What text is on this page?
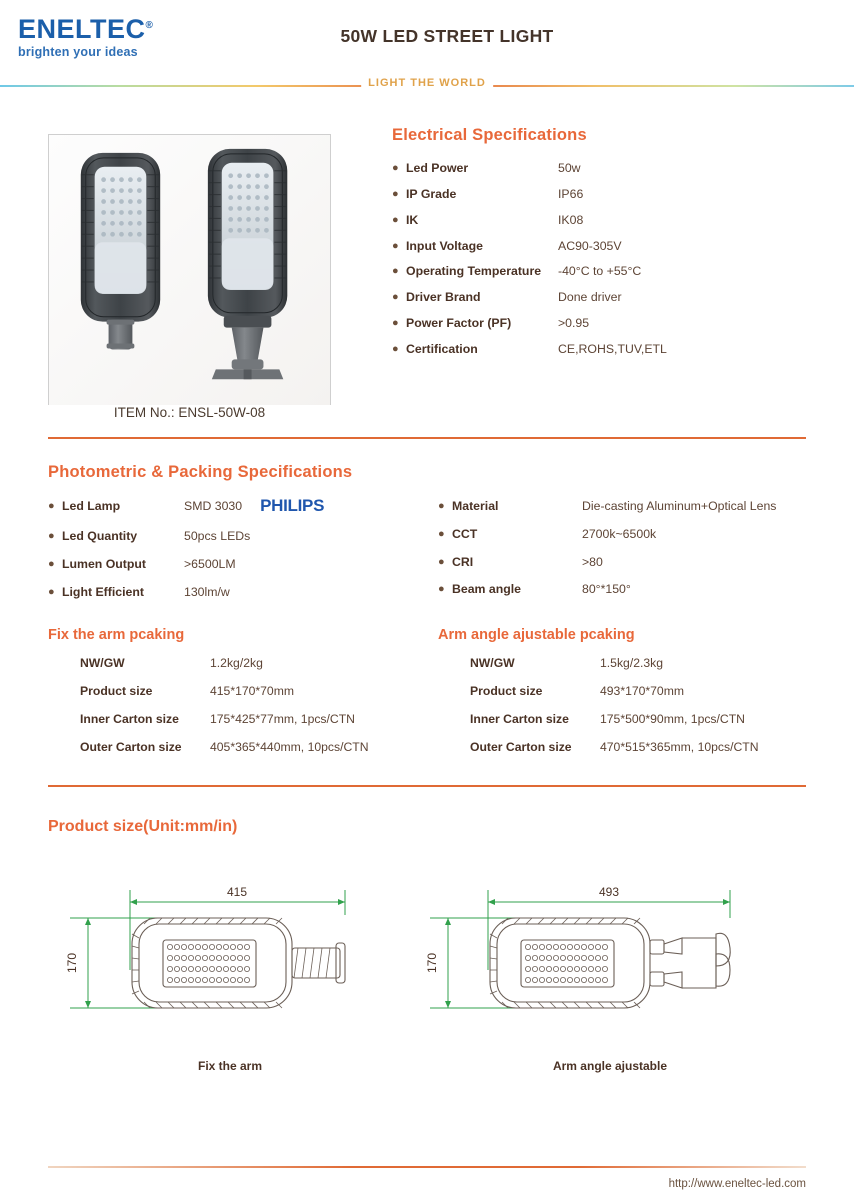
ENELTEC®
brighten your ideas
50W LED STREET LIGHT
LIGHT THE WORLD
ITEM No.: ENSL-50W-08
Electrical Specifications
● Led Power	50w
● IP Grade	IP66
● IK	IK08
● Input Voltage	AC90-305V
● Operating Temperature	-40°C to +55°C
● Driver Brand	Done driver
● Power Factor (PF)	>0.95
● Certification	CE,ROHS,TUV,ETL
Photometric & Packing Specifications
● Led Lamp	SMD 3030 PHILIPS
● Led Quantity	50pcs LEDs
● Lumen Output	>6500LM
● Light Efficient	130lm/w
● Material	Die-casting Aluminum+Optical Lens
● CCT	2700k~6500k
● CRI	>80
● Beam angle	80°*150°
Fix the arm pcaking
NW/GW	1.2kg/2kg
Product size	415*170*70mm
Inner Carton size	175*425*77mm, 1pcs/CTN
Outer Carton size	405*365*440mm, 10pcs/CTN
Arm angle ajustable pcaking
NW/GW	1.5kg/2.3kg
Product size	493*170*70mm
Inner Carton size	175*500*90mm, 1pcs/CTN
Outer Carton size	470*515*365mm, 10pcs/CTN
Product size(Unit:mm/in)
415
170
Fix the arm
493
170
Arm angle ajustable
http://www.eneltec-led.com
